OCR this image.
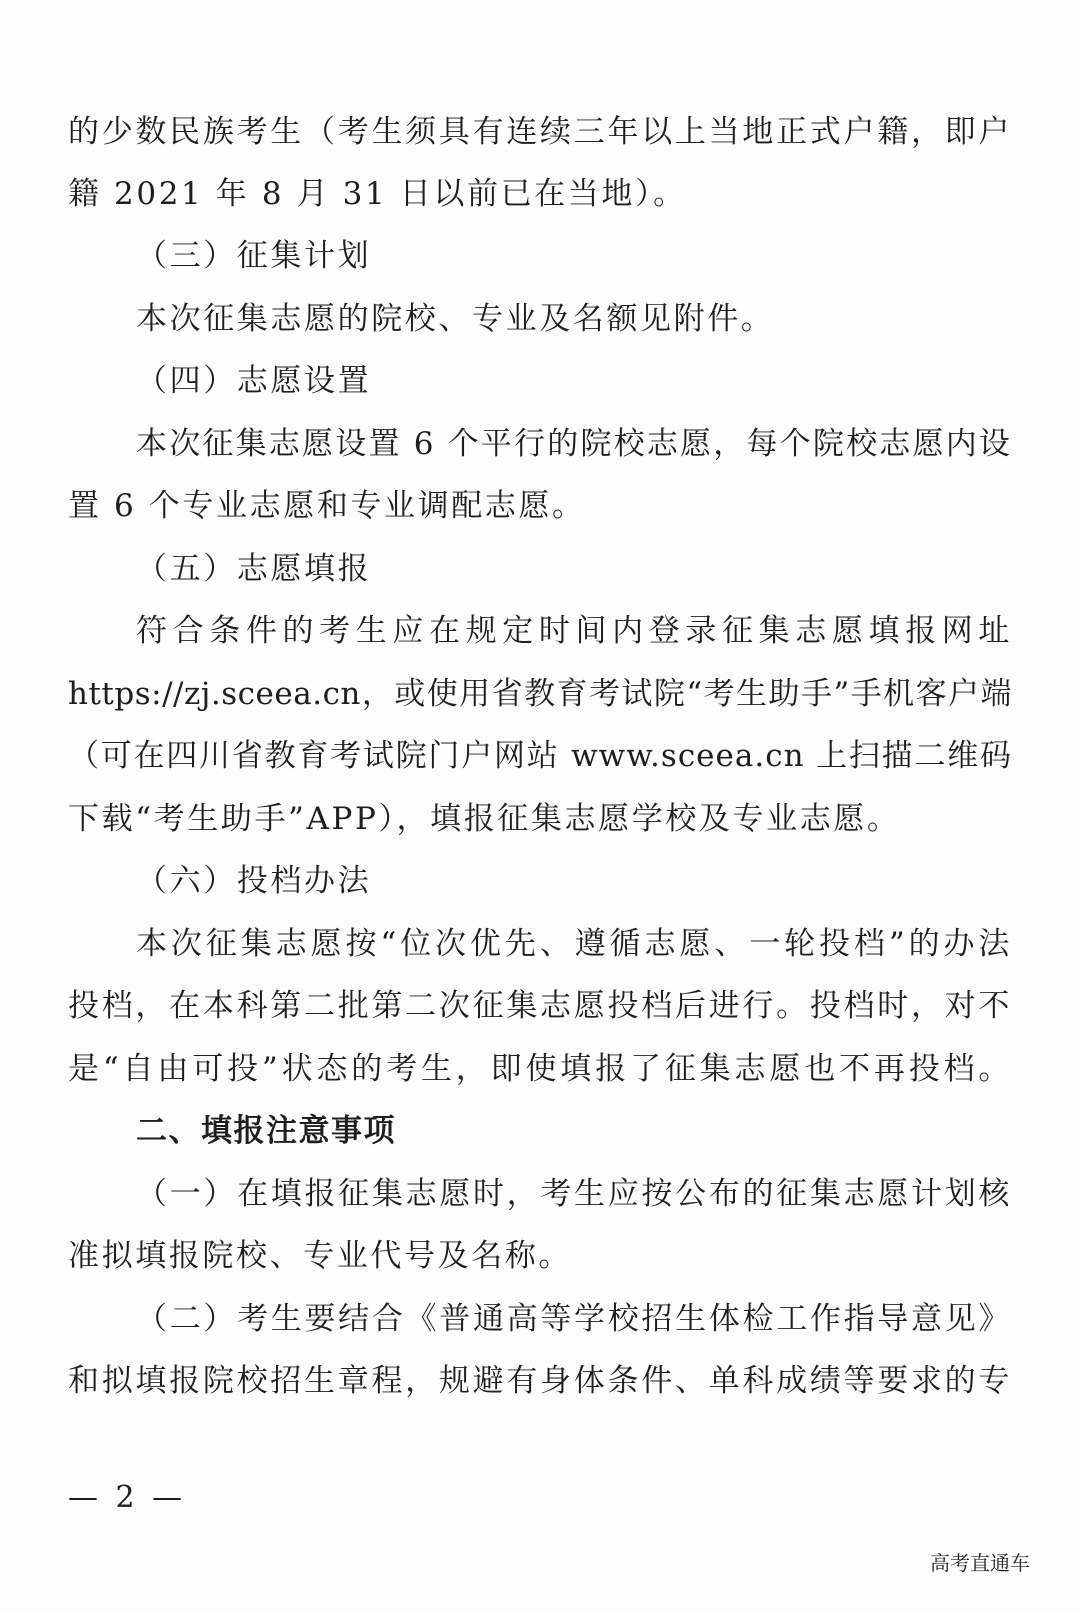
的少数民族考生（考生须具有连续三年以上当地正式户籍，即户
籍 2021 年 8 月 31 日以前已在当地）。
（三）征集计划
本次征集志愿的院校、专业及名额见附件。
（四）志愿设置
本次征集志愿设置 6 个平行的院校志愿，每个院校志愿内设
置 6 个专业志愿和专业调配志愿。
（五）志愿填报
符合条件的考生应在规定时间内登录征集志愿填报网址
https://zj.sceea.cn，或使用省教育考试院“考生助手”手机客户端
（可在四川省教育考试院门户网站 www.sceea.cn 上扫描二维码
下载“考生助手”APP），填报征集志愿学校及专业志愿。
（六）投档办法
本次征集志愿按“位次优先、遵循志愿、一轮投档”的办法
投档，在本科第二批第二次征集志愿投档后进行。投档时，对不
是“自由可投”状态的考生，即使填报了征集志愿也不再投档。
二、填报注意事项
（一）在填报征集志愿时，考生应按公布的征集志愿计划核
准拟填报院校、专业代号及名称。
（二）考生要结合《普通高等学校招生体检工作指导意见》
和拟填报院校招生章程，规避有身体条件、单科成绩等要求的专
— 2 —
高考直通车
